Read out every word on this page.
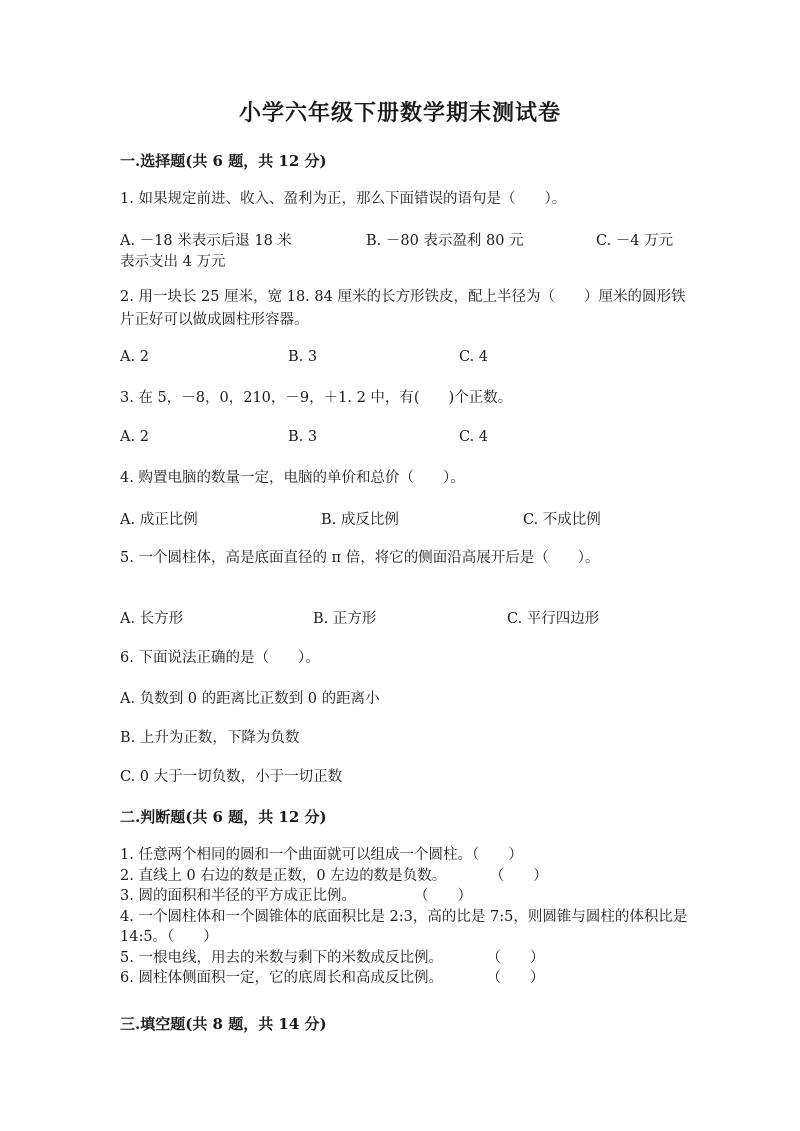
小学六年级下册数学期末测试卷
一.选择题(共 6 题，共 12 分)
1. 如果规定前进、收入、盈利为正，那么下面错误的语句是（　　）。
A. －18 米表示后退 18 米	B. －80 表示盈利 80 元	C. －4 万元
表示支出 4 万元
2. 用一块长 25 厘米，宽 18. 84 厘米的长方形铁皮，配上半径为（　　）厘米的圆形铁片正好可以做成圆柱形容器。
A. 2	B. 3	C. 4
3. 在 5，－8，0，210，－9，＋1. 2 中，有(　　)个正数。
A. 2	B. 3	C. 4
4. 购置电脑的数量一定，电脑的单价和总价（　　）。
A. 成正比例	B. 成反比例	C. 不成比例
5. 一个圆柱体，高是底面直径的 π 倍，将它的侧面沿高展开后是（　　）。
A. 长方形	B. 正方形	C. 平行四边形
6. 下面说法正确的是（　　）。
A. 负数到 0 的距离比正数到 0 的距离小
B. 上升为正数，下降为负数
C. 0 大于一切负数，小于一切正数
二.判断题(共 6 题，共 12 分)
1. 任意两个相同的圆和一个曲面就可以组成一个圆柱。（　　）
2. 直线上 0 右边的数是正数，0 左边的数是负数。　　　　（　　）
3. 圆的面积和半径的平方成正比例。　　　　　（　　）
4. 一个圆柱体和一个圆锥体的底面积比是 2:3，高的比是 7:5，则圆锥与圆柱的体积比是 14:5。（　　）
5. 一根电线，用去的米数与剩下的米数成反比例。　　　　（　　）
6. 圆柱体侧面积一定，它的底周长和高成反比例。　　　　（　　）
三.填空题(共 8 题，共 14 分)
